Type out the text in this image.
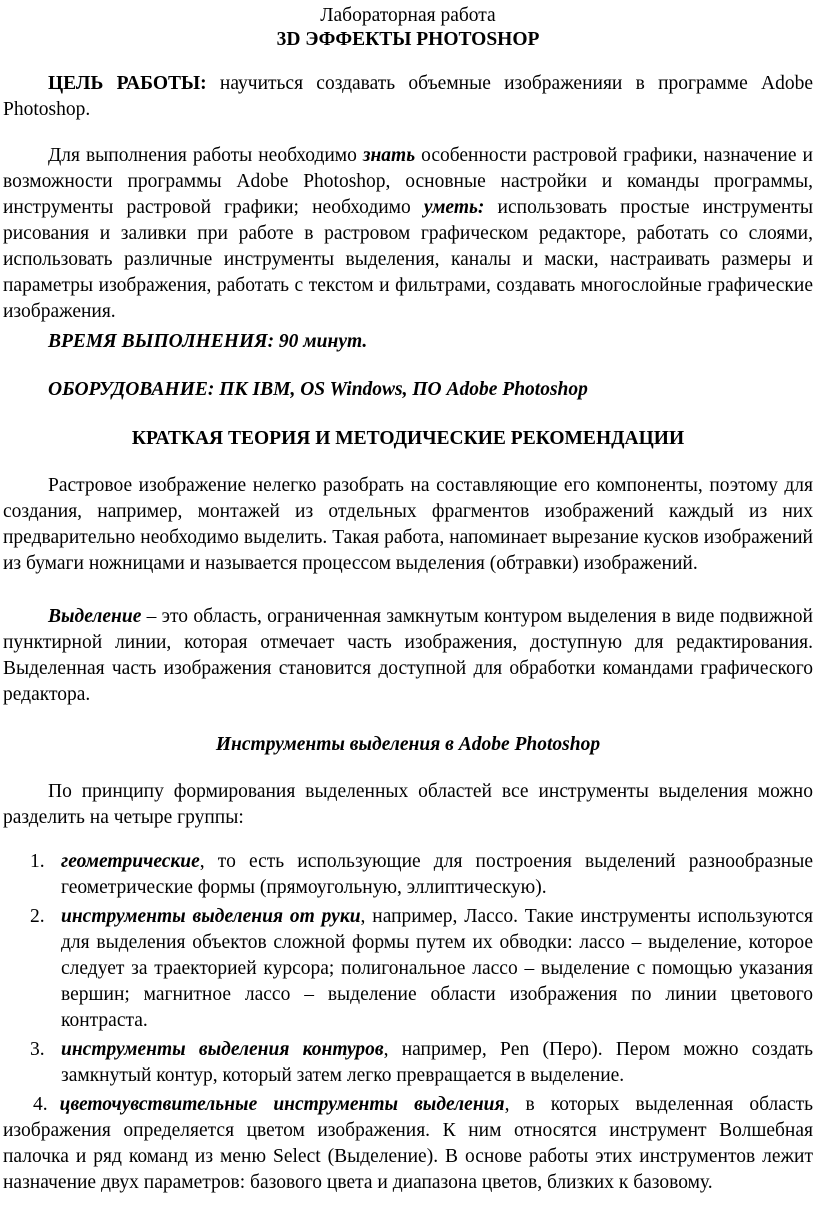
Лабораторная работа
3D ЭФФЕКТЫ PHOTOSHOP
ЦЕЛЬ РАБОТЫ: научиться создавать объемные изображенияи в программе Adobe Photoshop.
Для выполнения работы необходимо знать особенности растровой графики, назначение и возможности программы Adobe Photoshop, основные настройки и команды программы, инструменты растровой графики; необходимо уметь: использовать простые инструменты рисования и заливки при работе в растровом графическом редакторе, работать со слоями, использовать различные инструменты выделения, каналы и маски, настраивать размеры и параметры изображения, работать с текстом и фильтрами, создавать многослойные графические изображения.
ВРЕМЯ ВЫПОЛНЕНИЯ: 90 минут.
ОБОРУДОВАНИЕ: ПК IBM, OS Windows, ПО Adobe Photoshop
КРАТКАЯ ТЕОРИЯ И МЕТОДИЧЕСКИЕ РЕКОМЕНДАЦИИ
Растровое изображение нелегко разобрать на составляющие его компоненты, поэтому для создания, например, монтажей из отдельных фрагментов изображений каждый из них предварительно необходимо выделить. Такая работа, напоминает вырезание кусков изображений из бумаги ножницами и называется процессом выделения (обтравки) изображений.
Выделение – это область, ограниченная замкнутым контуром выделения в виде подвижной пунктирной линии, которая отмечает часть изображения, доступную для редактирования. Выделенная часть изображения становится доступной для обработки командами графического редактора.
Инструменты выделения в Adobe Photoshop
По принципу формирования выделенных областей все инструменты выделения можно разделить на четыре группы:
1. геометрические, то есть использующие для построения выделений разнообразные геометрические формы (прямоугольную, эллиптическую).
2. инструменты выделения от руки, например, Лассо. Такие инструменты используются для выделения объектов сложной формы путем их обводки: лассо – выделение, которое следует за траекторией курсора; полигональное лассо – выделение с помощью указания вершин; магнитное лассо – выделение области изображения по линии цветового контраста.
3. инструменты выделения контуров, например, Pen (Перо). Пером можно создать замкнутый контур, который затем легко превращается в выделение.
4. цветочувствительные инструменты выделения, в которых выделенная область изображения определяется цветом изображения. К ним относятся инструмент Волшебная палочка и ряд команд из меню Select (Выделение). В основе работы этих инструментов лежит назначение двух параметров: базового цвета и диапазона цветов, близких к базовому.
